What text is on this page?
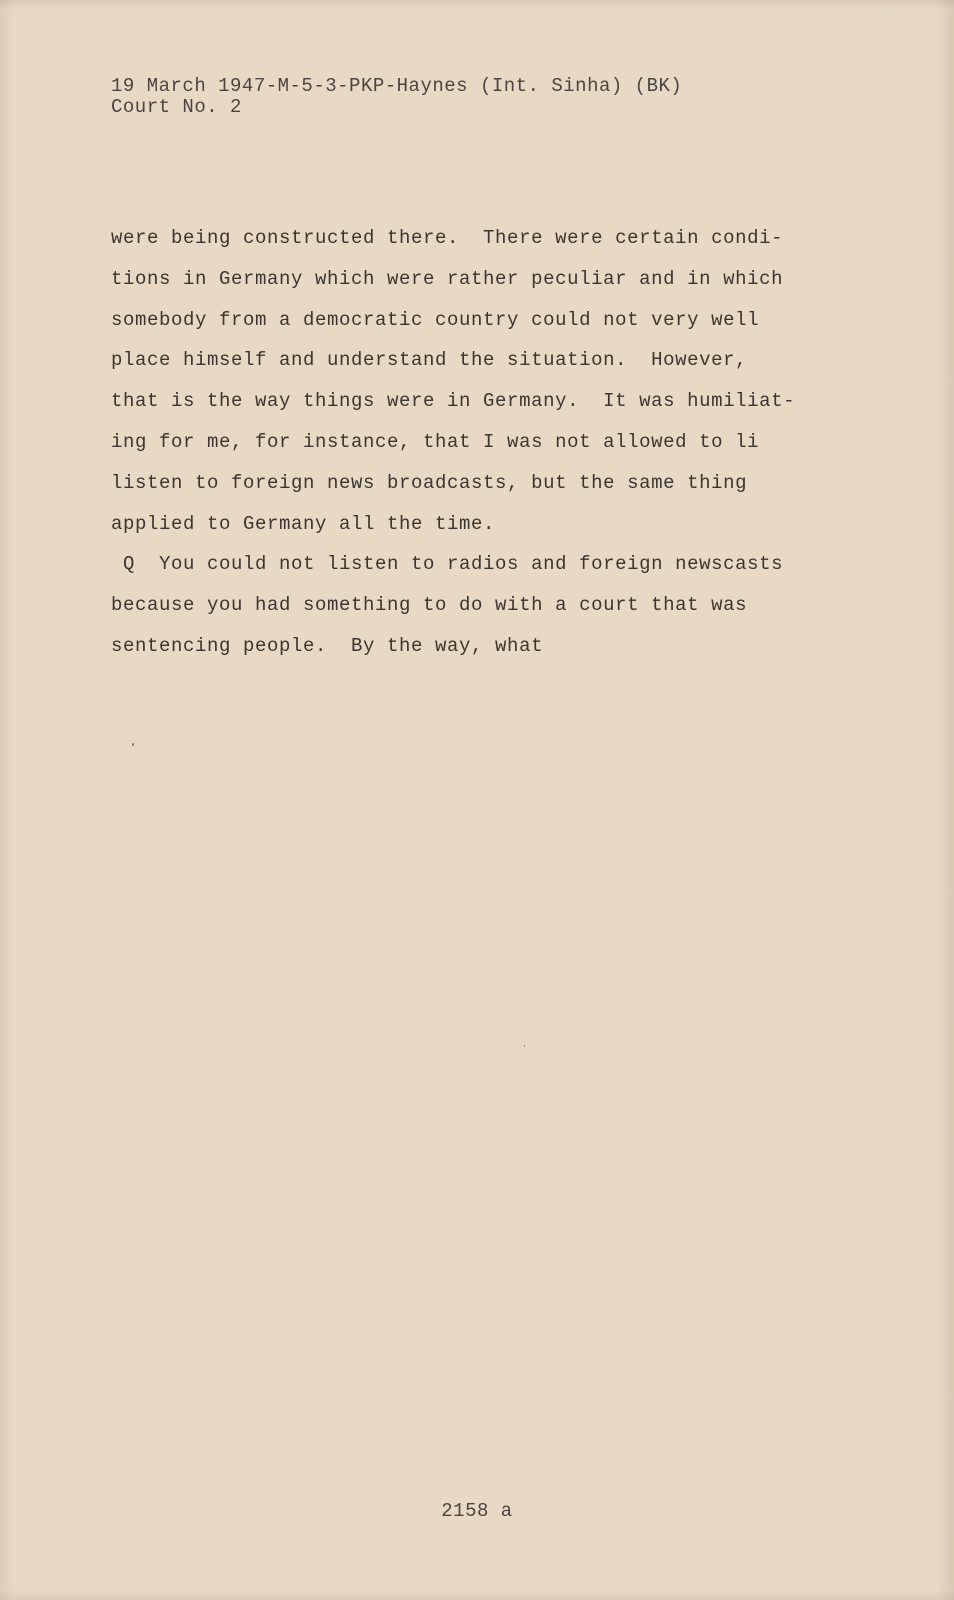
19 March 1947-M-5-3-PKP-Haynes (Int. Sinha) (BK)
Court No. 2
were being constructed there.  There were certain condi-
tions in Germany which were rather peculiar and in which
somebody from a democratic country could not very well
place himself and understand the situation.  However,
that is the way things were in Germany.  It was humiliat-
ing for me, for instance, that I was not allowed to li
listen to foreign news broadcasts, but the same thing
applied to Germany all the time.
Q  You could not listen to radios and foreign newscasts
because you had something to do with a court that was
sentencing people.  By the way, what
2158 a
